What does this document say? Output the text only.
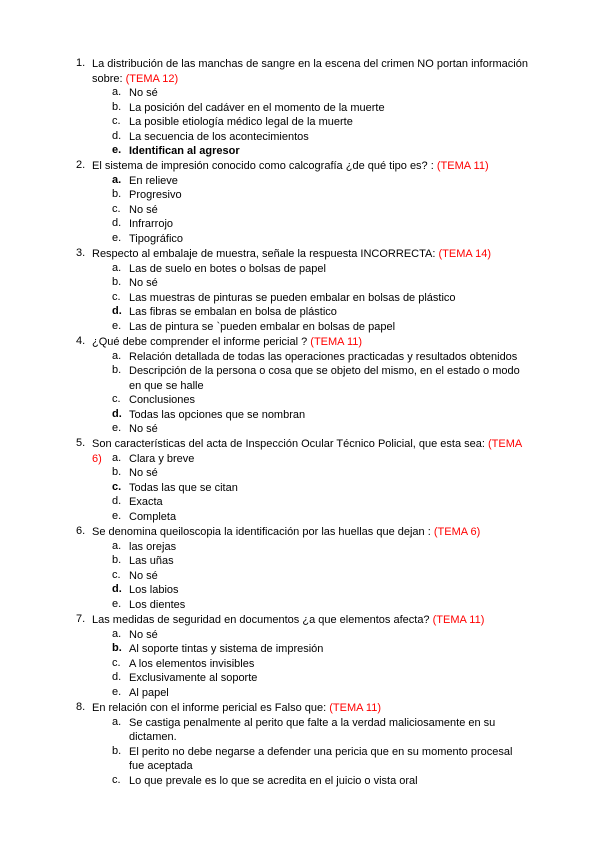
1. La distribución de las manchas de sangre en la escena del crimen NO portan información sobre: (TEMA 12)
a. No sé
b. La posición del cadáver en el momento de la muerte
c. La posible etiología médico legal de la muerte
d. La secuencia de los acontecimientos
e. Identifican al agresor
2. El sistema de impresión conocido como calcografía ¿de qué tipo es? : (TEMA 11)
a. En relieve
b. Progresivo
c. No sé
d. Infrarrojo
e. Tipográfico
3. Respecto al embalaje de muestra, señale la respuesta INCORRECTA: (TEMA 14)
a. Las de suelo en botes o bolsas de papel
b. No sé
c. Las muestras de pinturas se pueden embalar en bolsas de plástico
d. Las fibras se embalan en bolsa de plástico
e. Las de pintura se `pueden embalar en bolsas de papel
4. ¿Qué debe comprender el informe pericial ? (TEMA 11)
a. Relación detallada de todas las operaciones practicadas y resultados obtenidos
b. Descripción de la persona o cosa que se objeto del mismo, en el estado o modo en que se halle
c. Conclusiones
d. Todas las opciones que se nombran
e. No sé
5. Son características del acta de Inspección Ocular Técnico Policial, que esta sea: (TEMA 6) a. Clara y breve
b. No sé
c. Todas las que se citan
d. Exacta
e. Completa
6. Se denomina queiloscopia la identificación por las huellas que dejan : (TEMA 6)
a. las orejas
b. Las uñas
c. No sé
d. Los labios
e. Los dientes
7. Las medidas de seguridad en documentos ¿a que elementos afecta? (TEMA 11)
a. No sé
b. Al soporte tintas y sistema de impresión
c. A los elementos invisibles
d. Exclusivamente al soporte
e. Al papel
8. En relación con el informe pericial es Falso que: (TEMA 11)
a. Se castiga penalmente al perito que falte a la verdad maliciosamente en su dictamen.
b. El perito no debe negarse a defender una pericia que en su momento procesal fue aceptada
c. Lo que prevale es lo que se acredita en el juicio o vista oral
